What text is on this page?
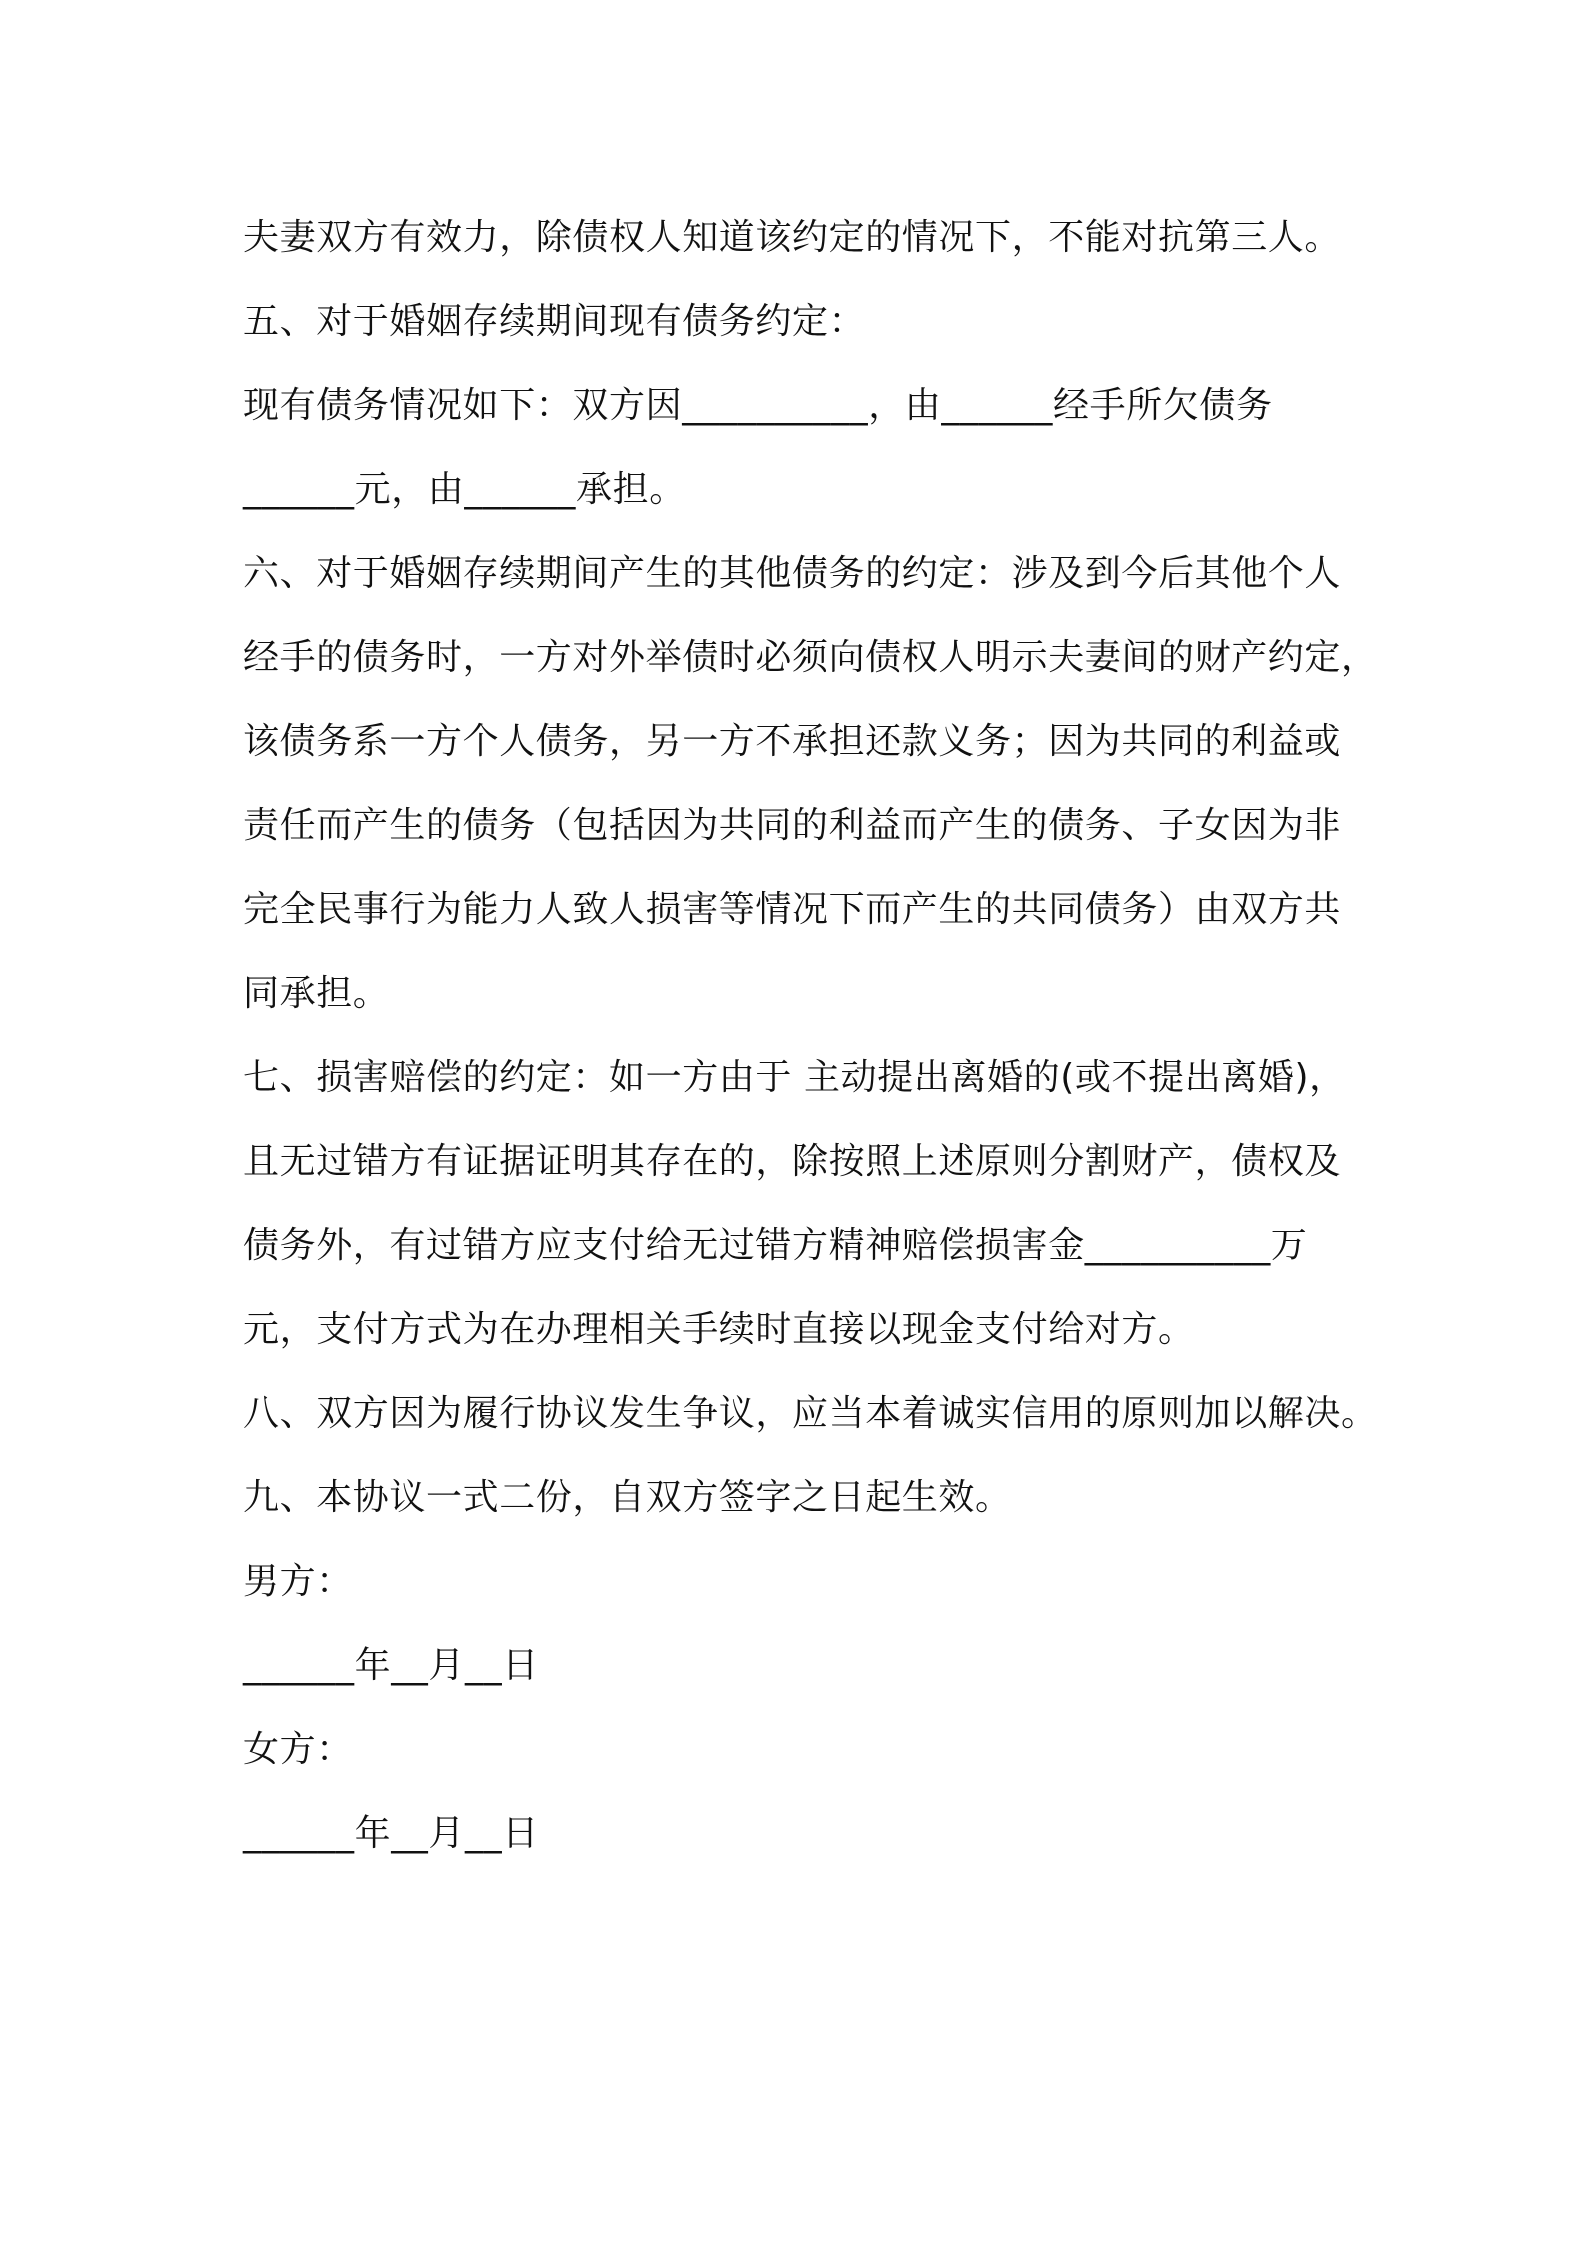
夫妻双方有效力，除债权人知道该约定的情况下，不能对抗第三人。
五、对于婚姻存续期间现有债务约定：
现有债务情况如下：双方因__________，由______经手所欠债务
______元，由______承担。
六、对于婚姻存续期间产生的其他债务的约定：涉及到今后其他个人
经手的债务时，一方对外举债时必须向债权人明示夫妻间的财产约定，
该债务系一方个人债务，另一方不承担还款义务；因为共同的利益或
责任而产生的债务（包括因为共同的利益而产生的债务、子女因为非
完全民事行为能力人致人损害等情况下而产生的共同债务）由双方共
同承担。
七、损害赔偿的约定：如一方由于 主动提出离婚的(或不提出离婚)，
且无过错方有证据证明其存在的，除按照上述原则分割财产，债权及
债务外，有过错方应支付给无过错方精神赔偿损害金__________万
元，支付方式为在办理相关手续时直接以现金支付给对方。
八、双方因为履行协议发生争议，应当本着诚实信用的原则加以解决。
九、本协议一式二份，自双方签字之日起生效。
男方：
______年__月__日
女方：
______年__月__日
